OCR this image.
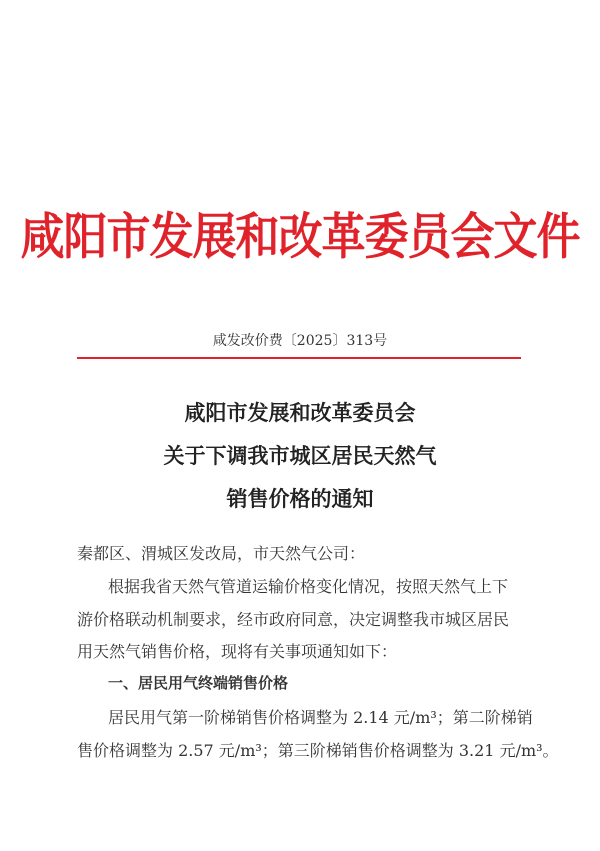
咸阳市发展和改革委员会文件
咸发改价费〔2025〕313号
咸阳市发展和改革委员会
关于下调我市城区居民天然气
销售价格的通知
秦都区、渭城区发改局，市天然气公司：
根据我省天然气管道运输价格变化情况，按照天然气上下
游价格联动机制要求，经市政府同意，决定调整我市城区居民
用天然气销售价格，现将有关事项通知如下：
一、居民用气终端销售价格
居民用气第一阶梯销售价格调整为 2.14 元/m³；第二阶梯销
售价格调整为 2.57 元/m³；第三阶梯销售价格调整为 3.21 元/m³。
